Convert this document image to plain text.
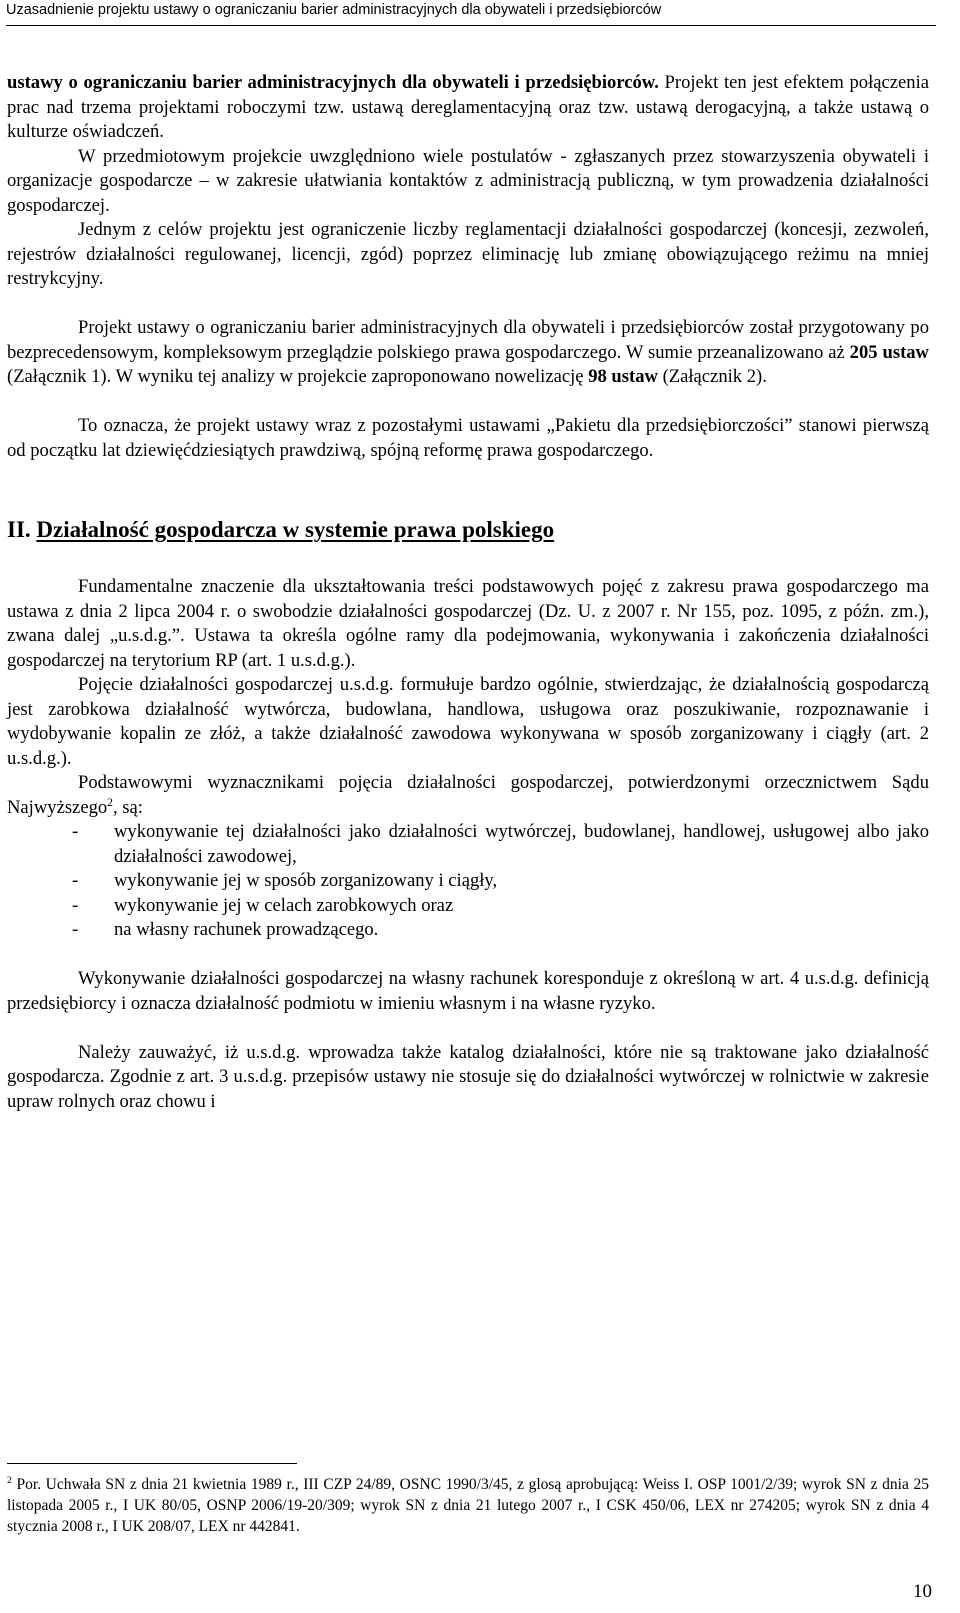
Uzasadnienie projektu ustawy o ograniczaniu barier administracyjnych dla obywateli i przedsiębiorców

ustawy o ograniczaniu barier administracyjnych dla obywateli i przedsiębiorców. Projekt ten jest efektem połączenia prac nad trzema projektami roboczymi tzw. ustawą dereglamentacyjną oraz tzw. ustawą derogacyjną, a także ustawą o kulturze oświadczeń.

W przedmiotowym projekcie uwzględniono wiele postulatów - zgłaszanych przez stowarzyszenia obywateli i organizacje gospodarcze – w zakresie ułatwiania kontaktów z administracją publiczną, w tym prowadzenia działalności gospodarczej.

Jednym z celów projektu jest ograniczenie liczby reglamentacji działalności gospodarczej (koncesji, zezwoleń, rejestrów działalności regulowanej, licencji, zgód) poprzez eliminację lub zmianę obowiązującego reżimu na mniej restrykcyjny.

Projekt ustawy o ograniczaniu barier administracyjnych dla obywateli i przedsiębiorców został przygotowany po bezprecedensowym, kompleksowym przeglądzie polskiego prawa gospodarczego. W sumie przeanalizowano aż 205 ustaw (Załącznik 1). W wyniku tej analizy w projekcie zaproponowano nowelizację 98 ustaw (Załącznik 2).

To oznacza, że projekt ustawy wraz z pozostałymi ustawami „Pakietu dla przedsiębiorczości” stanowi pierwszą od początku lat dziewięćdziesiątych prawdziwą, spójną reformę prawa gospodarczego.

II. Działalność gospodarcza w systemie prawa polskiego

Fundamentalne znaczenie dla ukształtowania treści podstawowych pojęć z zakresu prawa gospodarczego ma ustawa z dnia 2 lipca 2004 r. o swobodzie działalności gospodarczej (Dz. U. z 2007 r. Nr 155, poz. 1095, z późn. zm.), zwana dalej „u.s.d.g.”. Ustawa ta określa ogólne ramy dla podejmowania, wykonywania i zakończenia działalności gospodarczej na terytorium RP (art. 1 u.s.d.g.).

Pojęcie działalności gospodarczej u.s.d.g. formułuje bardzo ogólnie, stwierdzając, że działalnością gospodarczą jest zarobkowa działalność wytwórcza, budowlana, handlowa, usługowa oraz poszukiwanie, rozpoznawanie i wydobywanie kopalin ze złóż, a także działalność zawodowa wykonywana w sposób zorganizowany i ciągły (art. 2 u.s.d.g.).

Podstawowymi wyznacznikami pojęcia działalności gospodarczej, potwierdzonymi orzecznictwem Sądu Najwyższego$^2$, są:

- wykonywanie tej działalności jako działalności wytwórczej, budowlanej, handlowej, usługowej albo jako działalności zawodowej,
- wykonywanie jej w sposób zorganizowany i ciągły,
- wykonywanie jej w celach zarobkowych oraz
- na własny rachunek prowadzącego.

Wykonywanie działalności gospodarczej na własny rachunek koresponduje z określoną w art. 4 u.s.d.g. definicją przedsiębiorcy i oznacza działalność podmiotu w imieniu własnym i na własne ryzyko.

Należy zauważyć, iż u.s.d.g. wprowadza także katalog działalności, które nie są traktowane jako działalność gospodarcza. Zgodnie z art. 3 u.s.d.g. przepisów ustawy nie stosuje się do działalności wytwórczej w rolnictwie w zakresie upraw rolnych oraz chowu i

$^2$ Por. Uchwała SN z dnia 21 kwietnia 1989 r., III CZP 24/89, OSNC 1990/3/45, z glosą aprobującą: Weiss I. OSP 1001/2/39; wyrok SN z dnia 25 listopada 2005 r., I UK 80/05, OSNP 2006/19-20/309; wyrok SN z dnia 21 lutego 2007 r., I CSK 450/06, LEX nr 274205; wyrok SN z dnia 4 stycznia 2008 r., I UK 208/07, LEX nr 442841.
10
